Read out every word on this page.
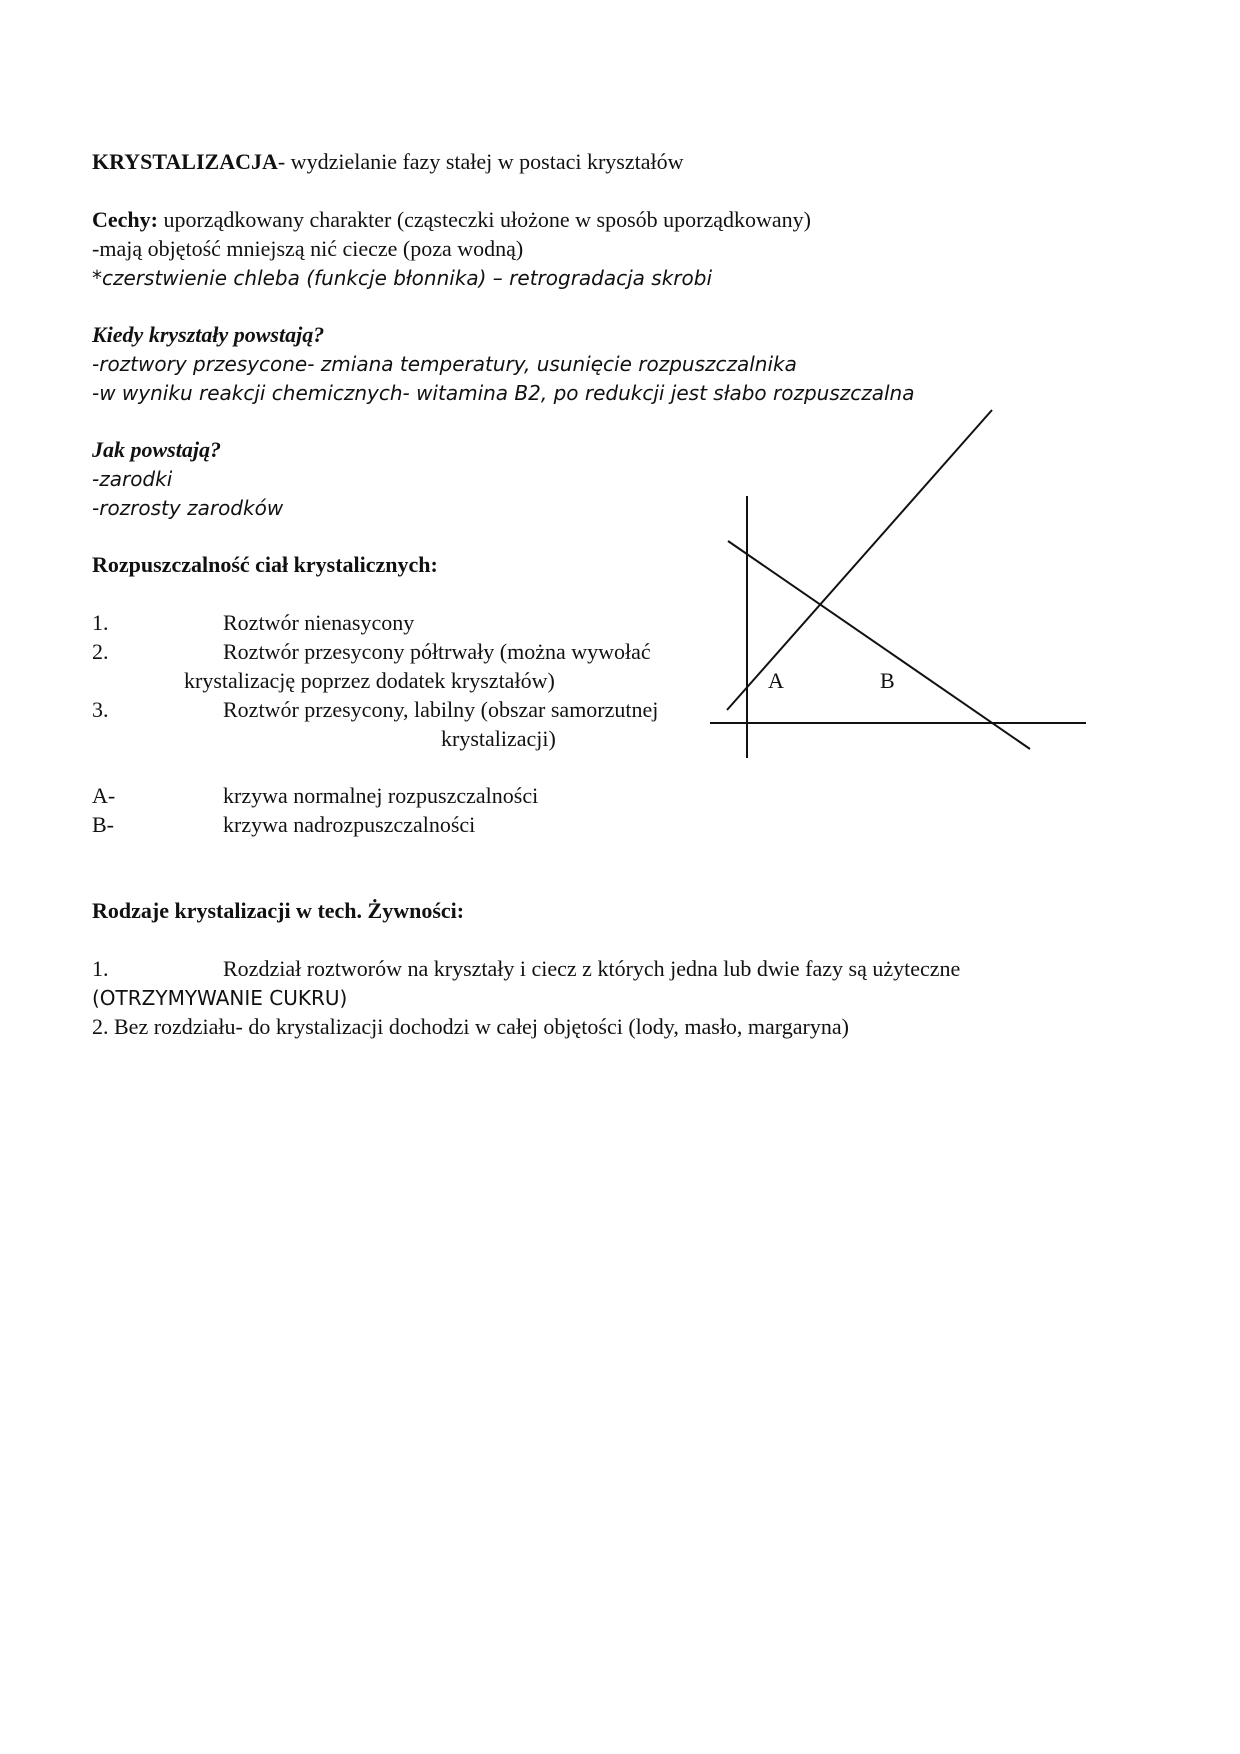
KRYSTALIZACJA- wydzielanie fazy stałej w postaci kryształów
Cechy: uporządkowany charakter (cząsteczki ułożone w sposób uporządkowany)
-mają objętość mniejszą nić ciecze (poza wodną)
*czerstwienie chleba (funkcje błonnika) – retrogradacja skrobi
Kiedy kryształy powstają?
-roztwory przesycone- zmiana temperatury, usunięcie rozpuszczalnika
-w wyniku reakcji chemicznych- witamina B2, po redukcji jest słabo rozpuszczalna
Jak powstają?
-zarodki
-rozrosty zarodków
Rozpuszczalność ciał krystalicznych:
1.	Roztwór nienasycony
2.	Roztwór przesycony półtrwały (można wywołać
krystalizację poprzez dodatek kryształów)
3.	Roztwór przesycony, labilny (obszar samorzutnej
krystalizacji)
A-	krzywa normalnej rozpuszczalności
B-	krzywa nadrozpuszczalności
A	B
Rodzaje krystalizacji w tech. Żywności:
1.	Rozdział roztworów na kryształy i ciecz z których jedna lub dwie fazy są użyteczne
(OTRZYMYWANIE CUKRU)
2. Bez rozdziału- do krystalizacji dochodzi w całej objętości (lody, masło, margaryna)
